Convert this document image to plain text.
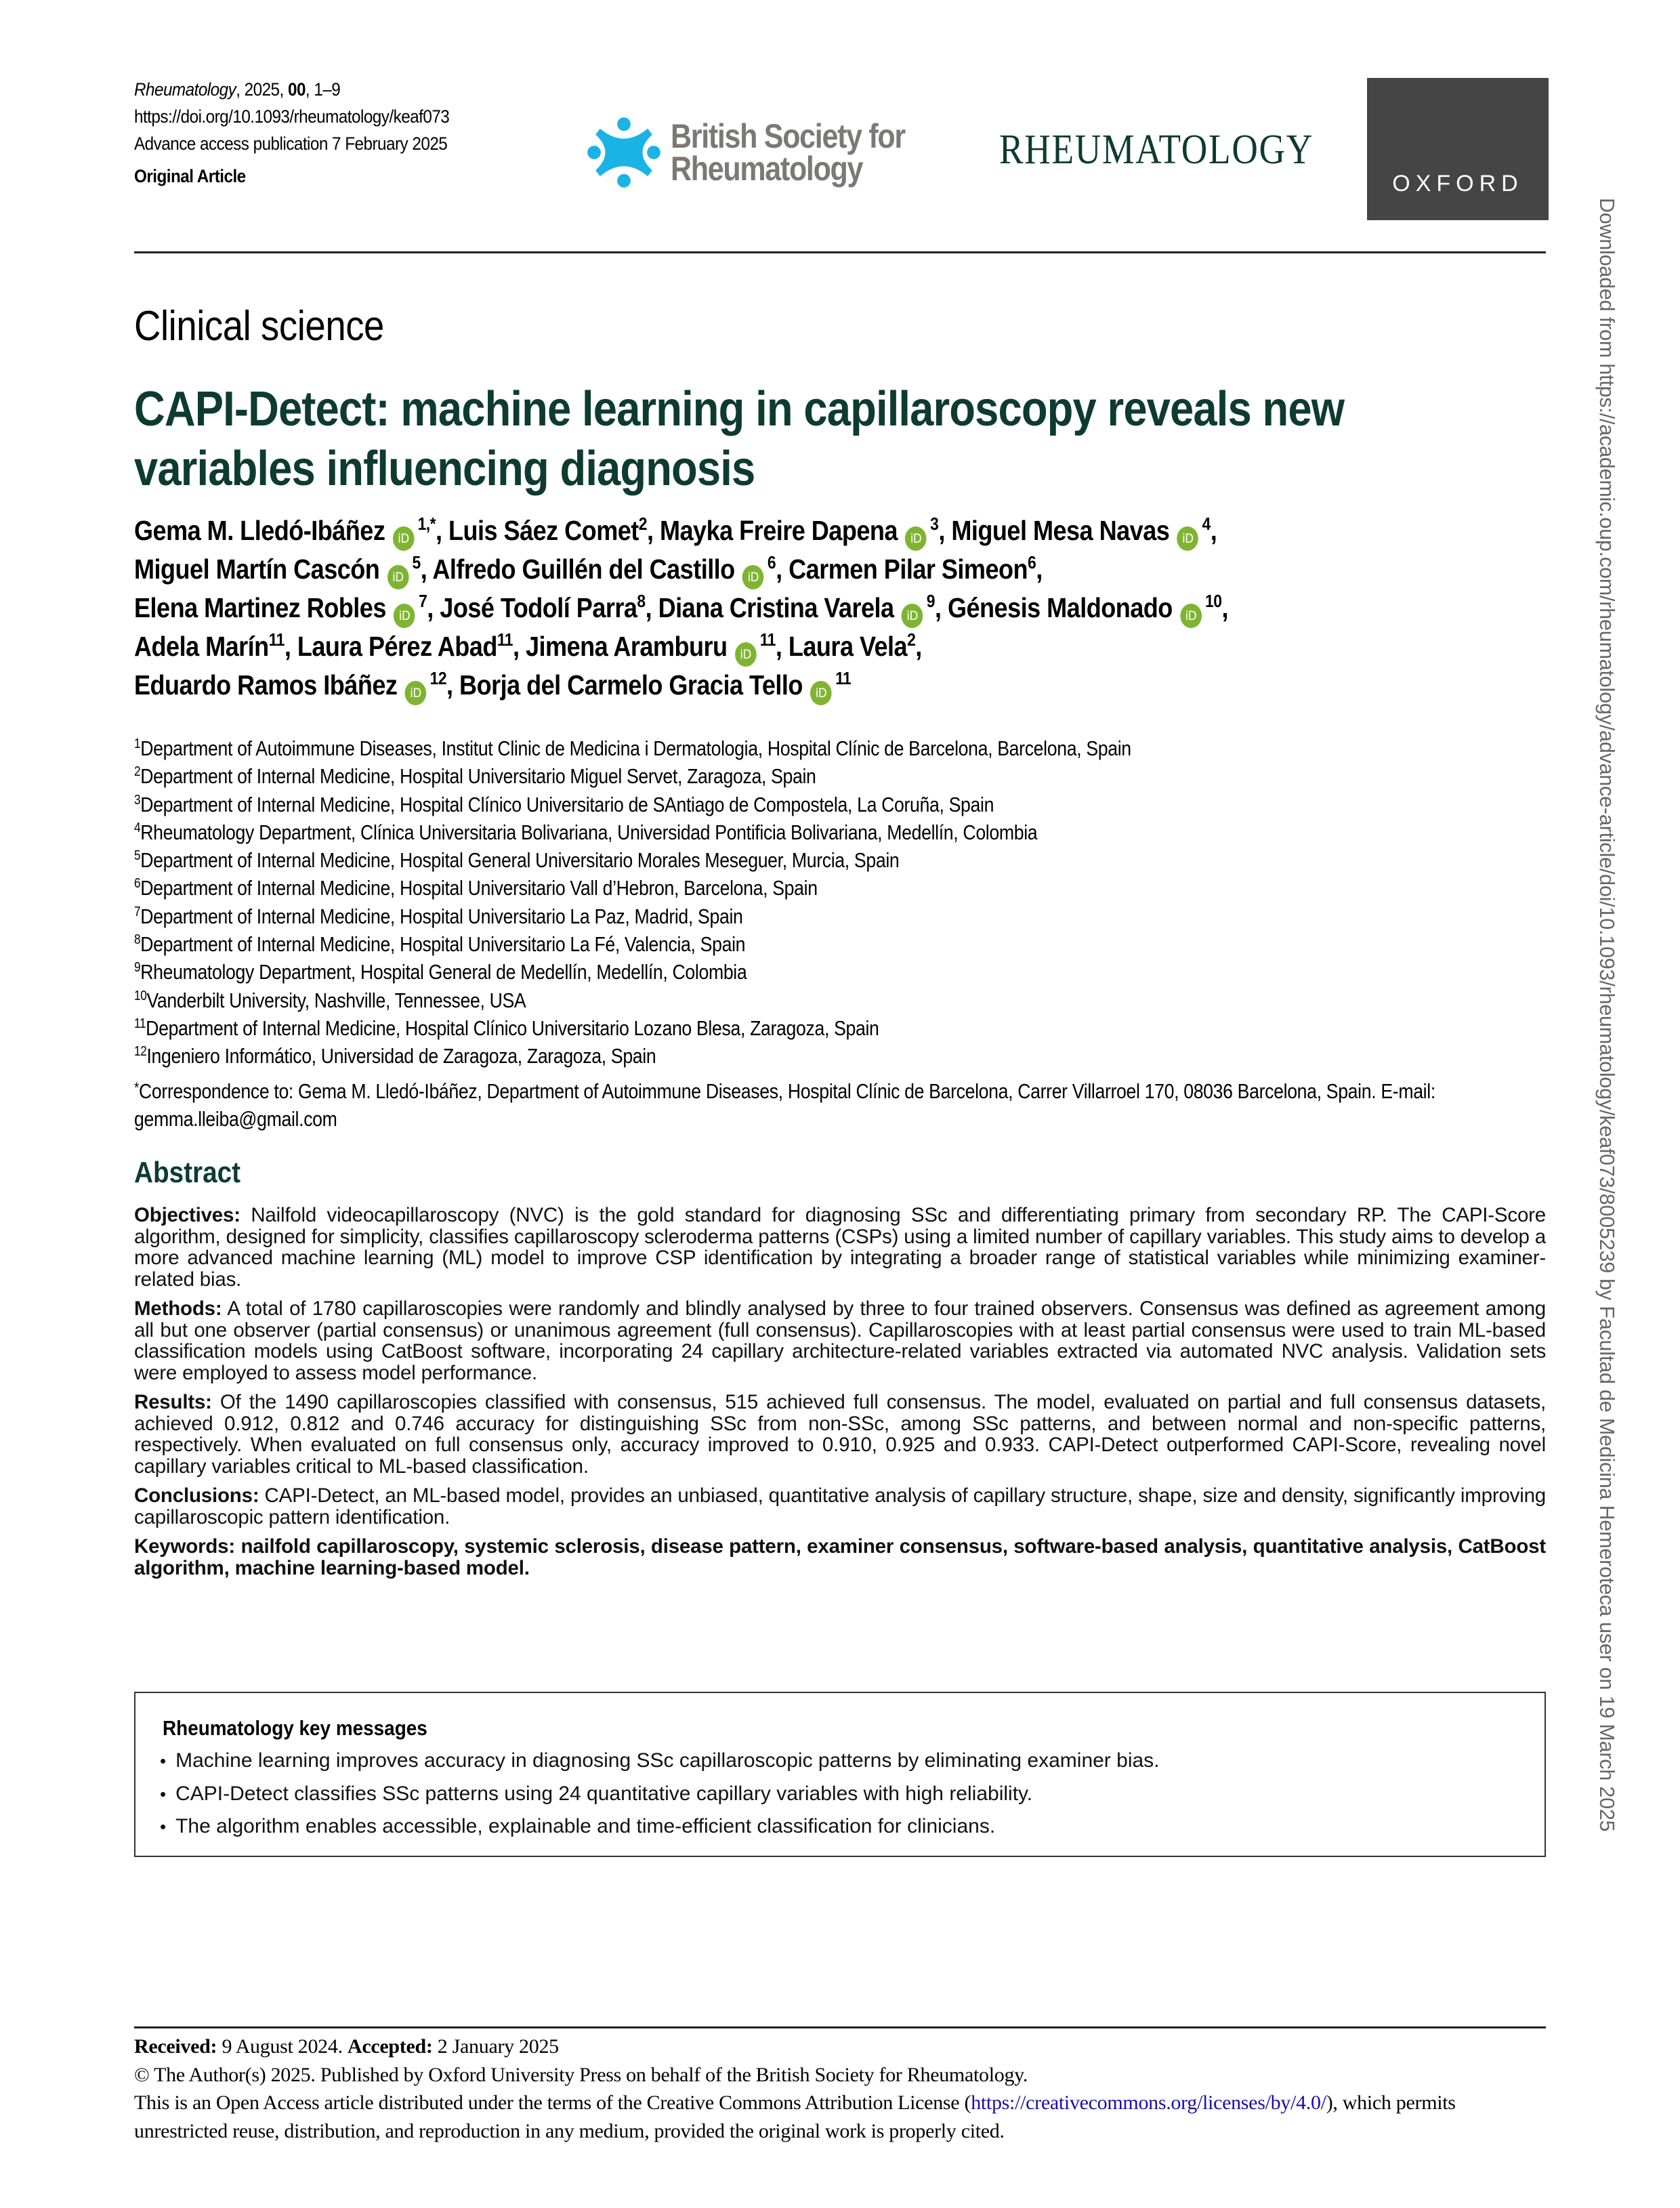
Rheumatology, 2025, 00, 1–9
https://doi.org/10.1093/rheumatology/keaf073
Advance access publication 7 February 2025
Original Article
British Society for
Rheumatology	RHEUMATOLOGY
OXFORD
Clinical science
CAPI-Detect: machine learning in capillaroscopy reveals new variables influencing diagnosis
Gema M. Lledó-Ibáñez $iD^{1,*}$, Luis Sáez Comet$^2$, Mayka Freire Dapena $iD^3$, Miguel Mesa Navas $iD^4$,
Miguel Martín Cascón $iD^5$, Alfredo Guillén del Castillo $iD^6$, Carmen Pilar Simeon$^6$,
Elena Martinez Robles $iD^7$, José Todolí Parra$^8$, Diana Cristina Varela $iD^9$, Génesis Maldonado $iD^{10}$,
Adela Marín$^{11}$, Laura Pérez Abad$^{11}$, Jimena Aramburu $iD^{11}$, Laura Vela$^2$,
Eduardo Ramos Ibáñez $iD^{12}$, Borja del Carmelo Gracia Tello $iD^{11}$
$^1$Department of Autoimmune Diseases, Institut Clinic de Medicina i Dermatologia, Hospital Clínic de Barcelona, Barcelona, Spain
$^2$Department of Internal Medicine, Hospital Universitario Miguel Servet, Zaragoza, Spain
$^3$Department of Internal Medicine, Hospital Clínico Universitario de SAntiago de Compostela, La Coruña, Spain
$^4$Rheumatology Department, Clínica Universitaria Bolivariana, Universidad Pontificia Bolivariana, Medellín, Colombia
$^5$Department of Internal Medicine, Hospital General Universitario Morales Meseguer, Murcia, Spain
$^6$Department of Internal Medicine, Hospital Universitario Vall d’Hebron, Barcelona, Spain
$^7$Department of Internal Medicine, Hospital Universitario La Paz, Madrid, Spain
$^8$Department of Internal Medicine, Hospital Universitario La Fé, Valencia, Spain
$^9$Rheumatology Department, Hospital General de Medellín, Medellín, Colombia
$^{10}$Vanderbilt University, Nashville, Tennessee, USA
$^{11}$Department of Internal Medicine, Hospital Clínico Universitario Lozano Blesa, Zaragoza, Spain
$^{12}$Ingeniero Informático, Universidad de Zaragoza, Zaragoza, Spain
*Correspondence to: Gema M. Lledó-Ibáñez, Department of Autoimmune Diseases, Hospital Clínic de Barcelona, Carrer Villarroel 170, 08036 Barcelona, Spain. E-mail: gemma.lleiba@gmail.com
Abstract

Objectives: Nailfold videocapillaroscopy (NVC) is the gold standard for diagnosing SSc and differentiating primary from secondary RP. The CAPI-Score algorithm, designed for simplicity, classifies capillaroscopy scleroderma patterns (CSPs) using a limited number of capillary variables. This study aims to develop a more advanced machine learning (ML) model to improve CSP identification by integrating a broader range of statistical variables while minimizing examiner-related bias.

Methods: A total of 1780 capillaroscopies were randomly and blindly analysed by three to four trained observers. Consensus was defined as agreement among all but one observer (partial consensus) or unanimous agreement (full consensus). Capillaroscopies with at least partial consensus were used to train ML-based classification models using CatBoost software, incorporating 24 capillary architecture-related variables extracted via automated NVC analysis. Validation sets were employed to assess model performance.

Results: Of the 1490 capillaroscopies classified with consensus, 515 achieved full consensus. The model, evaluated on partial and full consensus datasets, achieved 0.912, 0.812 and 0.746 accuracy for distinguishing SSc from non-SSc, among SSc patterns, and between normal and non-specific patterns, respectively. When evaluated on full consensus only, accuracy improved to 0.910, 0.925 and 0.933. CAPI-Detect outperformed CAPI-Score, revealing novel capillary variables critical to ML-based classification.

Conclusions: CAPI-Detect, an ML-based model, provides an unbiased, quantitative analysis of capillary structure, shape, size and density, significantly improving capillaroscopic pattern identification.

Keywords: nailfold capillaroscopy, systemic sclerosis, disease pattern, examiner consensus, software-based analysis, quantitative analysis, CatBoost algorithm, machine learning-based model.

Rheumatology key messages
• Machine learning improves accuracy in diagnosing SSc capillaroscopic patterns by eliminating examiner bias.
• CAPI-Detect classifies SSc patterns using 24 quantitative capillary variables with high reliability.
• The algorithm enables accessible, explainable and time-efficient classification for clinicians.
Received: 9 August 2024. Accepted: 2 January 2025
© The Author(s) 2025. Published by Oxford University Press on behalf of the British Society for Rheumatology.
This is an Open Access article distributed under the terms of the Creative Commons Attribution License (https://creativecommons.org/licenses/by/4.0/), which permits unrestricted reuse, distribution, and reproduction in any medium, provided the original work is properly cited.
Downloaded from https://academic.oup.com/rheumatology/advance-article/doi/10.1093/rheumatology/keaf073/8005239 by Facultad de Medicina Hemeroteca user on 19 March 2025
